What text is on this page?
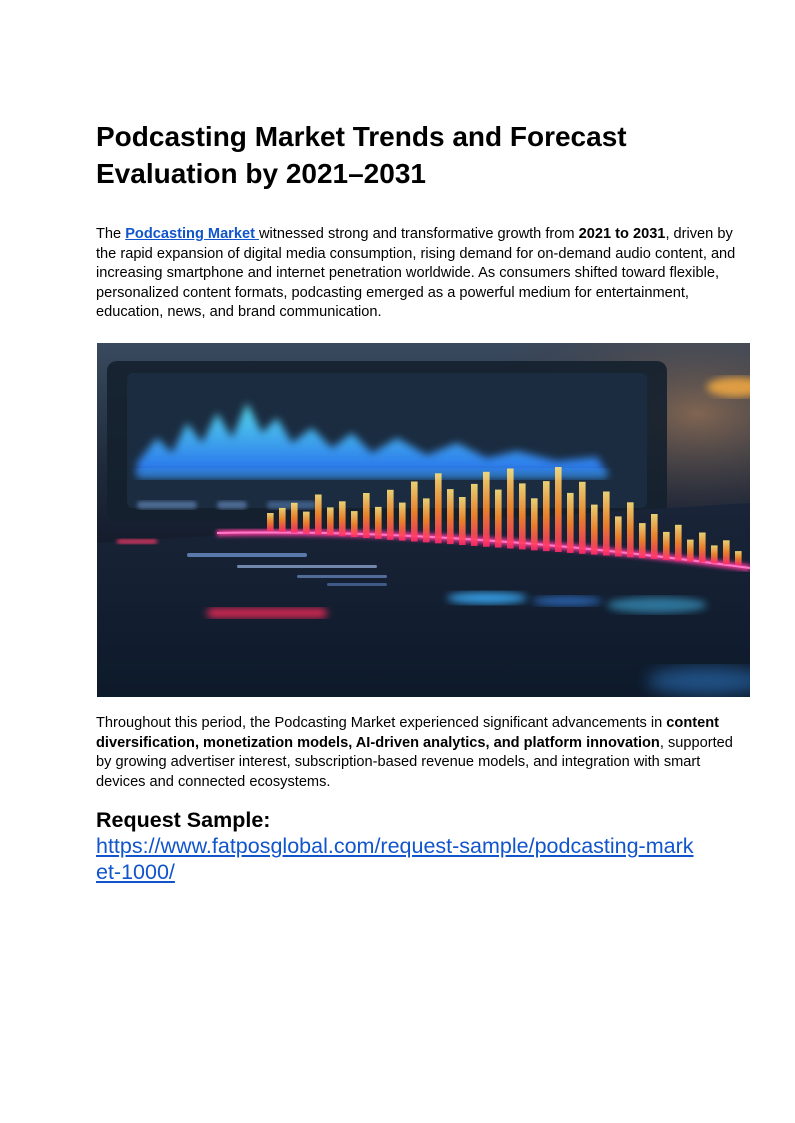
Podcasting Market Trends and Forecast Evaluation by 2021–2031

The Podcasting Market witnessed strong and transformative growth from 2021 to 2031, driven by the rapid expansion of digital media consumption, rising demand for on-demand audio content, and increasing smartphone and internet penetration worldwide. As consumers shifted toward flexible, personalized content formats, podcasting emerged as a powerful medium for entertainment, education, news, and brand communication.

Throughout this period, the Podcasting Market experienced significant advancements in content diversification, monetization models, AI-driven analytics, and platform innovation, supported by growing advertiser interest, subscription-based revenue models, and integration with smart devices and connected ecosystems.

Request Sample:
https://www.fatposglobal.com/request-sample/podcasting-market-1000/
